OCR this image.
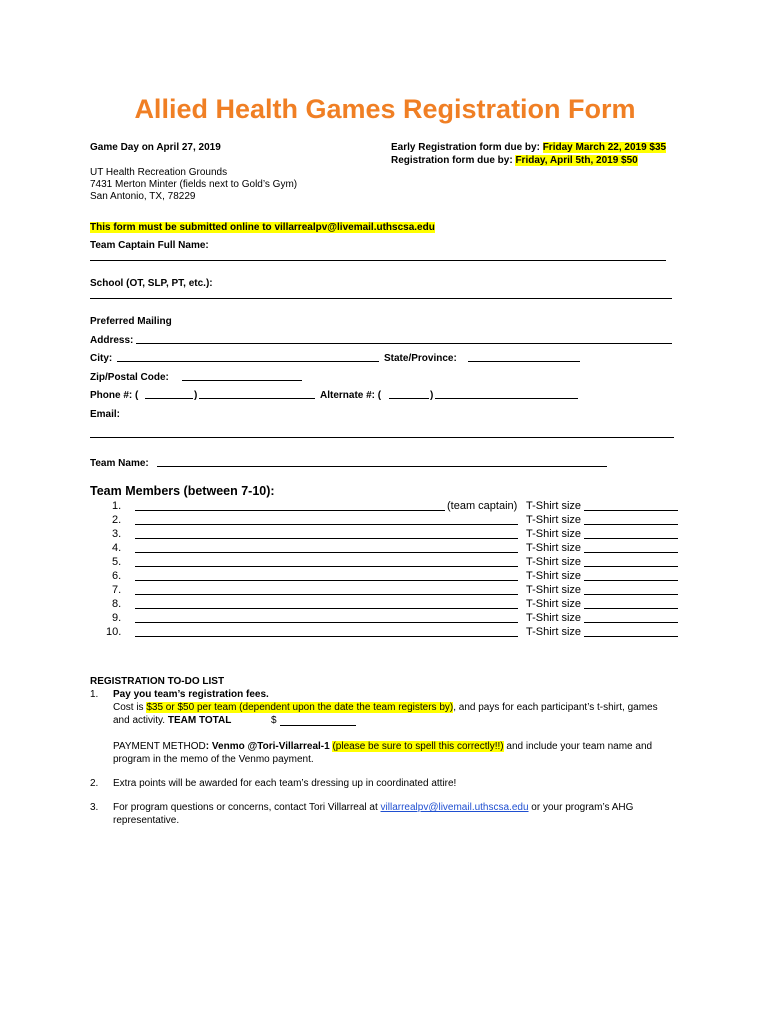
Allied Health Games Registration Form
Game Day on April 27, 2019
UT Health Recreation Grounds
7431 Merton Minter (fields next to Gold’s Gym)
San Antonio, TX, 78229
Early Registration form due by: Friday March 22, 2019 $35
Registration form due by: Friday, April 5th, 2019 $50
This form must be submitted online to villarrealpv@livemail.uthscsa.edu
Team Captain Full Name:
School (OT, SLP, PT, etc.):
Preferred Mailing
Address:
City:	State/Province:
Zip/Postal Code:
Phone #: (	)	Alternate #: (	)
Email:
Team Name:
Team Members (between 7-10):
1.	(team captain) T-Shirt size
2.	T-Shirt size
3.	T-Shirt size
4.	T-Shirt size
5.	T-Shirt size
6.	T-Shirt size
7.	T-Shirt size
8.	T-Shirt size
9.	T-Shirt size
10.	T-Shirt size
REGISTRATION TO-DO LIST
1. Pay you team’s registration fees.
Cost is $35 or $50 per team (dependent upon the date the team registers by), and pays for each participant’s t-shirt, games
and activity. TEAM TOTAL	$
PAYMENT METHOD: Venmo @Tori-Villarreal-1 (please be sure to spell this correctly!!) and include your team name and
program in the memo of the Venmo payment.
2. Extra points will be awarded for each team’s dressing up in coordinated attire!
3. For program questions or concerns, contact Tori Villarreal at villarrealpv@livemail.uthscsa.edu or your program’s AHG
representative.
